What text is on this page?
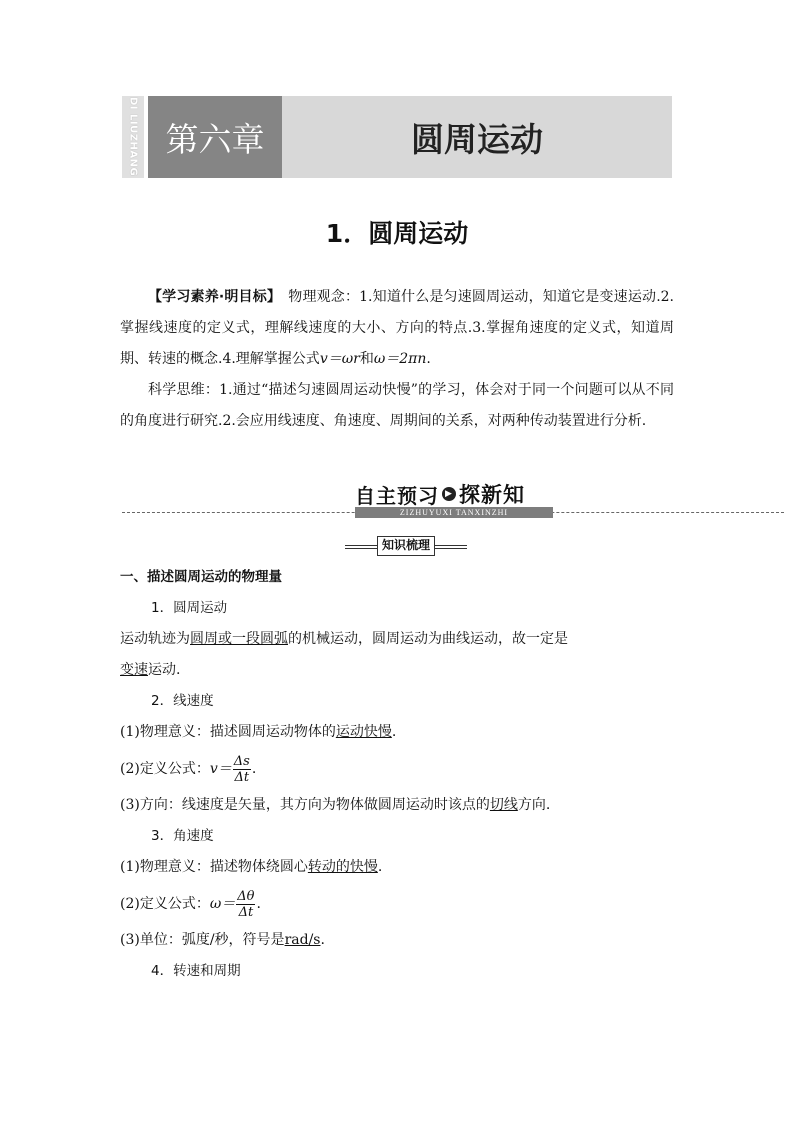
DI LIUZHANG 第六章	圆周运动
1．圆周运动
【学习素养·明目标】　 物理观念：1.知道什么是匀速圆周运动，知道它是变速运动.2.掌握线速度的定义式，理解线速度的大小、方向的特点.3.掌握角速度的定义式，知道周期、转速的概念.4.理解掌握公式v＝ωr和ω＝2πn.
科学思维：1.通过“描述匀速圆周运动快慢”的学习，体会对于同一个问题可以从不同的角度进行研究.2.会应用线速度、角速度、周期间的关系，对两种传动装置进行分析.
自主预习 ▶ 探新知
ZIZHUYUXI TANXINZHI
知识梳理
一、描述圆周运动的物理量
1．圆周运动
运动轨迹为圆周或一段圆弧的机械运动，圆周运动为曲线运动，故一定是
变速运动.
2．线速度
(1)物理意义：描述圆周运动物体的运动快慢.
(2)定义公式：$v= \frac{\Delta s}{\Delta t}$ .
(3)方向：线速度是矢量，其方向为物体做圆周运动时该点的切线方向.
3．角速度
(1)物理意义：描述物体绕圆心转动的快慢.
(2)定义公式：$\omega= \frac{\Delta\theta}{\Delta t}$ .
(3)单位：弧度/秒，符号是rad/s.
4．转速和周期
